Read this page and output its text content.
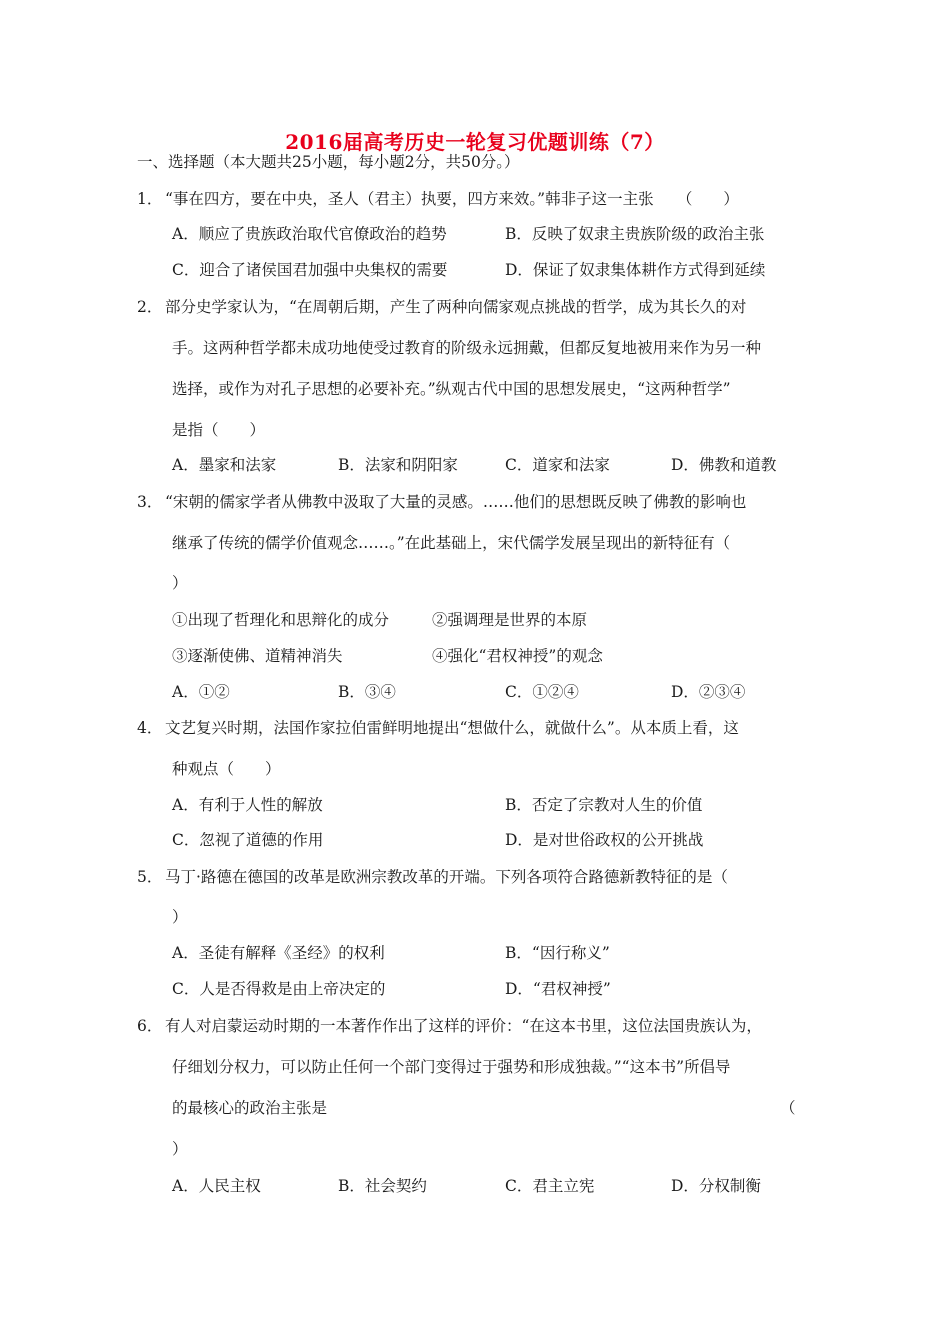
2016届高考历史一轮复习优题训练（7）
一、选择题（本大题共25小题，每小题2分，共50分。）
1． “事在四方，要在中央，圣人（君主）执要，四方来效。”韩非子这一主张　　（　　）
A．顺应了贵族政治取代官僚政治的趋势	B．反映了奴隶主贵族阶级的政治主张
C．迎合了诸侯国君加强中央集权的需要	D．保证了奴隶集体耕作方式得到延续
2． 部分史学家认为，“在周朝后期，产生了两种向儒家观点挑战的哲学，成为其长久的对
手。这两种哲学都未成功地使受过教育的阶级永远拥戴，但都反复地被用来作为另一种
选择，或作为对孔子思想的必要补充。”纵观古代中国的思想发展史，“这两种哲学”
是指（　　）
A．墨家和法家	B．法家和阴阳家	C．道家和法家	D．佛教和道教
3． “宋朝的儒家学者从佛教中汲取了大量的灵感。……他们的思想既反映了佛教的影响也
继承了传统的儒学价值观念……。”在此基础上，宋代儒学发展呈现出的新特征有（
）
①出现了哲理化和思辩化的成分	②强调理是世界的本原
③逐渐使佛、道精神消失	④强化“君权神授”的观念
A．①②	B．③④	C．①②④	D．②③④
4． 文艺复兴时期，法国作家拉伯雷鲜明地提出“想做什么，就做什么”。从本质上看，这
种观点（　　）
A．有利于人性的解放	B．否定了宗教对人生的价值
C．忽视了道德的作用	D．是对世俗政权的公开挑战
5． 马丁·路德在德国的改革是欧洲宗教改革的开端。下列各项符合路德新教特征的是（
）
A．圣徒有解释《圣经》的权利	B．“因行称义”
C．人是否得救是由上帝决定的	D．“君权神授”
6． 有人对启蒙运动时期的一本著作作出了这样的评价：“在这本书里，这位法国贵族认为，
仔细划分权力，可以防止任何一个部门变得过于强势和形成独裁。”“这本书”所倡导
的最核心的政治主张是	（
）
A．人民主权	B．社会契约	C．君主立宪	D．分权制衡
